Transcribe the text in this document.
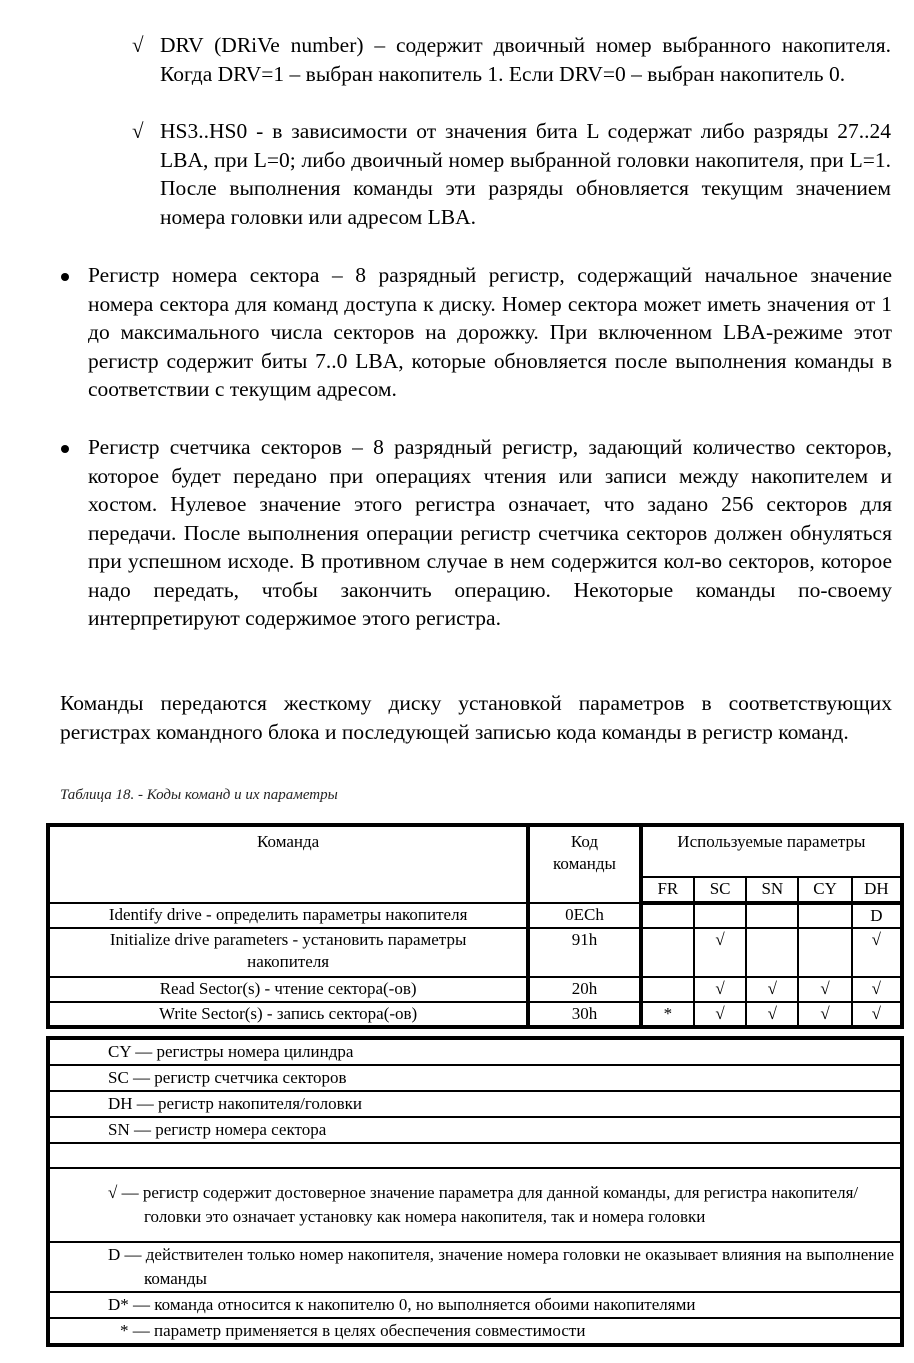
√ DRV (DRiVe number) – содержит двоичный номер выбранного накопителя. Когда DRV=1 – выбран накопитель 1. Если DRV=0 – выбран накопитель 0.

√ HS3..HS0 - в зависимости от значения бита L содержат либо разряды 27..24 LBA, при L=0; либо двоичный номер выбранной головки накопителя, при L=1. После выполнения команды эти разряды обновляется текущим значением номера головки или адресом LBA.

Регистр номера сектора – 8 разрядный регистр, содержащий начальное значение номера сектора для команд доступа к диску. Номер сектора может иметь значения от 1 до максимального числа секторов на дорожку. При включенном LBA-режиме этот регистр содержит биты 7..0 LBA, которые обновляется после выполнения команды в соответствии с текущим адресом.

Регистр счетчика секторов – 8 разрядный регистр, задающий количество секторов, которое будет передано при операциях чтения или записи между накопителем и хостом. Нулевое значение этого регистра означает, что задано 256 секторов для передачи. После выполнения операции регистр счетчика секторов должен обнуляться при успешном исходе. В противном случае в нем содержится кол-во секторов, которое надо передать, чтобы закончить операцию. Некоторые команды по-своему интерпретируют содержимое этого регистра.

Команды передаются жесткому диску установкой параметров в соответствующих регистрах командного блока и последующей записью кода команды в регистр команд.

Таблица 18. - Коды команд и их параметры
Команда	Код команды	Используемые параметры				
		FR	SC	SN	CY	DH
Identify drive - определить параметры накопителя	0ECh					D
Initialize drive parameters - установить параметры накопителя	91h		√			√
Read Sector(s) - чтение сектора(-ов)	20h		√	√	√	√
Write Sector(s) - запись сектора(-ов)	30h	*	√	√	√	√
CY — регистры номера цилиндра
SC — регистр счетчика секторов
DH — регистр накопителя/головки
SN — регистр номера сектора

√ — регистр содержит достоверное значение параметра для данной команды, для регистра накопителя/головки это означает установку как номера накопителя, так и номера головки

D — действителен только номер накопителя, значение номера головки не оказывает влияния на выполнение команды

D* — команда относится к накопителю 0, но выполняется обоими накопителями
* — параметр применяется в целях обеспечения совместимости
